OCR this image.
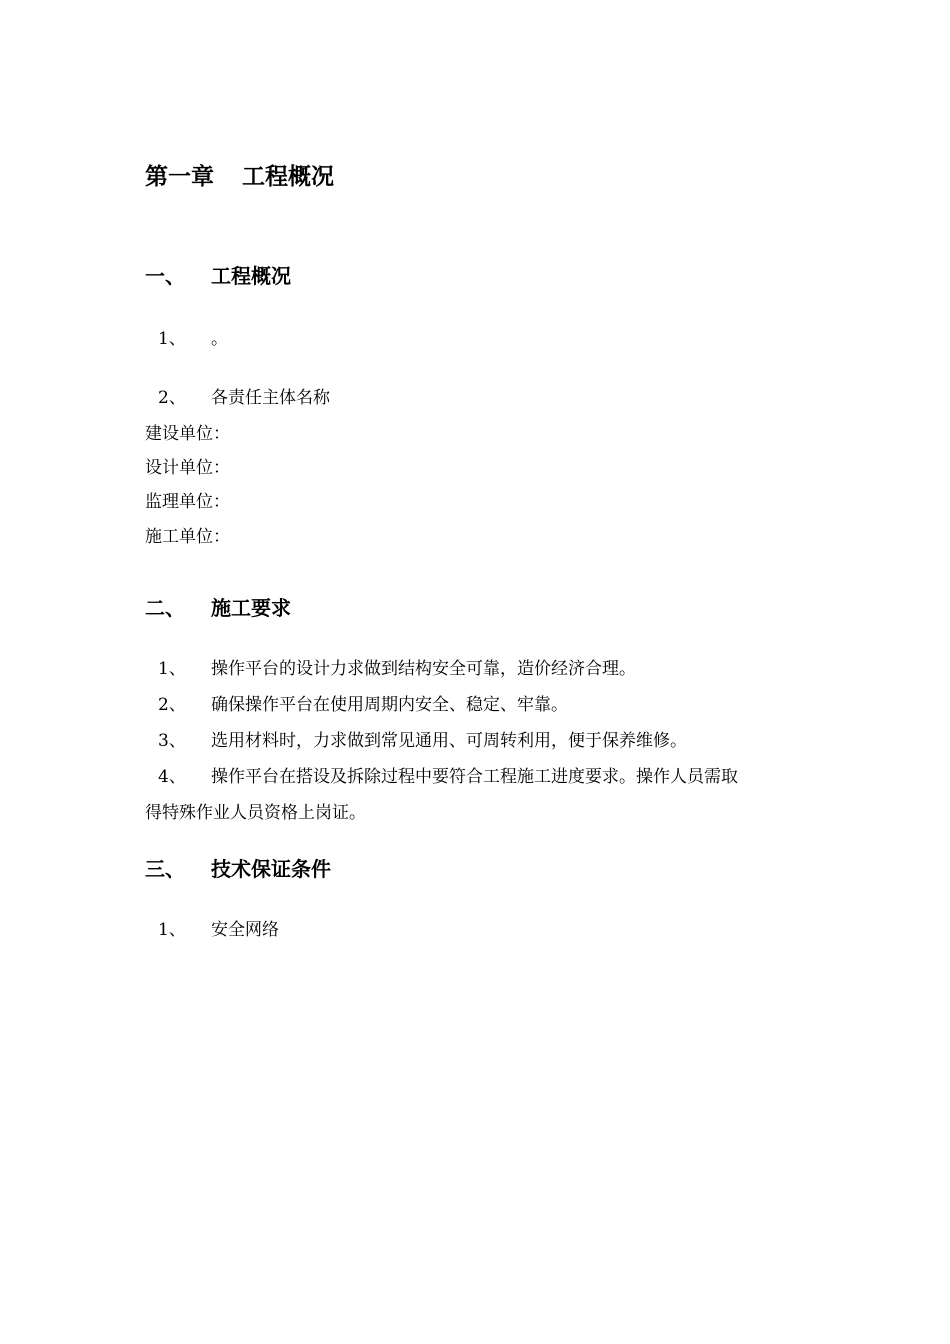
第一章 工程概况
一、 工程概况
1、 。
2、 各责任主体名称
建设单位：
设计单位：
监理单位：
施工单位：
二、 施工要求
1、 操作平台的设计力求做到结构安全可靠，造价经济合理。
2、 确保操作平台在使用周期内安全、稳定、牢靠。
3、 选用材料时，力求做到常见通用、可周转利用，便于保养维修。
4、 操作平台在搭设及拆除过程中要符合工程施工进度要求。操作人员需取
得特殊作业人员资格上岗证。
三、 技术保证条件
1、 安全网络
